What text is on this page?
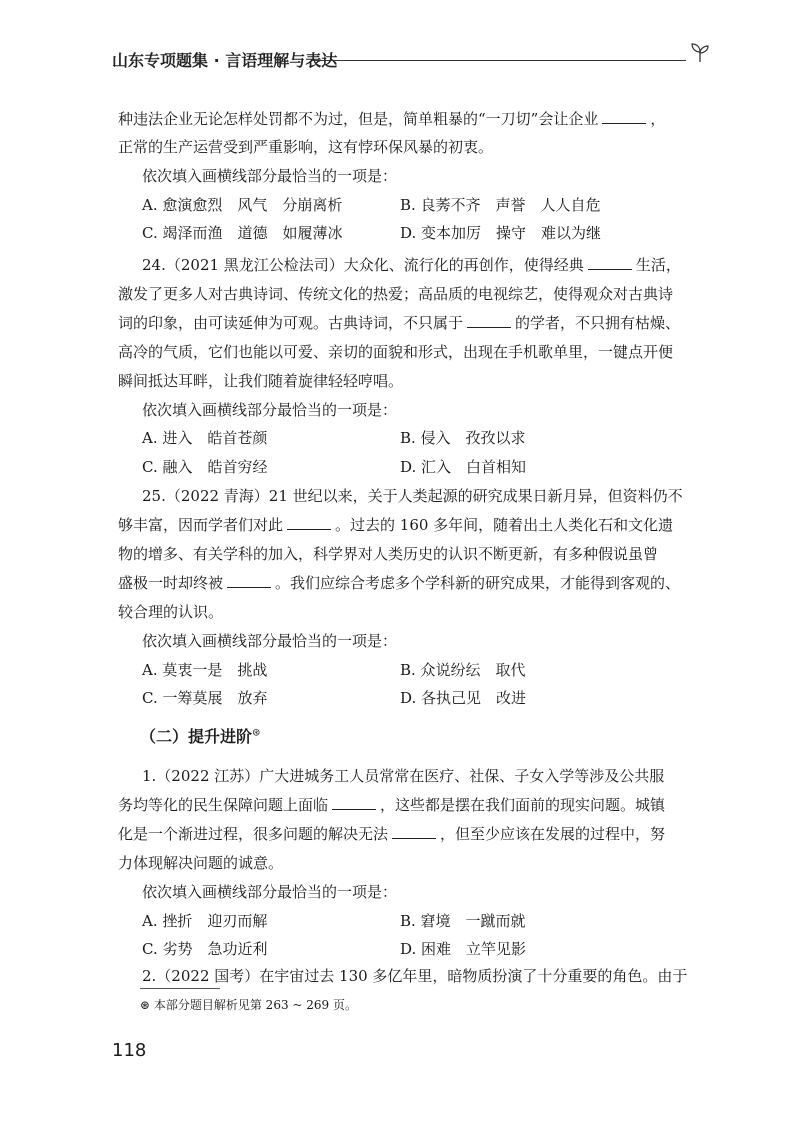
山东专项题集 · 言语理解与表达
种违法企业无论怎样处罚都不为过，但是，简单粗暴的“一刀切”会让企业	，
正常的生产运营受到严重影响，这有悖环保风暴的初衷。
依次填入画横线部分最恰当的一项是：
A. 愈演愈烈　风气　分崩离析	B. 良莠不齐　声誉　人人自危
C. 竭泽而渔　道德　如履薄冰	D. 变本加厉　操守　难以为继
24.（2021 黑龙江公检法司）大众化、流行化的再创作，使得经典	生活，
激发了更多人对古典诗词、传统文化的热爱；高品质的电视综艺，使得观众对古典诗
词的印象，由可读延伸为可观。古典诗词，不只属于	的学者，不只拥有枯燥、
高冷的气质，它们也能以可爱、亲切的面貌和形式，出现在手机歌单里，一键点开便
瞬间抵达耳畔，让我们随着旋律轻轻哼唱。
依次填入画横线部分最恰当的一项是：
A. 进入　皓首苍颜	B. 侵入　孜孜以求
C. 融入　皓首穷经	D. 汇入　白首相知
25.（2022 青海）21 世纪以来，关于人类起源的研究成果日新月异，但资料仍不
够丰富，因而学者们对此	。过去的 160 多年间，随着出土人类化石和文化遗
物的增多、有关学科的加入，科学界对人类历史的认识不断更新，有多种假说虽曾
盛极一时却终被	。我们应综合考虑多个学科新的研究成果，才能得到客观的、
较合理的认识。
依次填入画横线部分最恰当的一项是：
A. 莫衷一是　挑战	B. 众说纷纭　取代
C. 一筹莫展　放弃	D. 各执己见　改进
1.（2022 江苏）广大进城务工人员常常在医疗、社保、子女入学等涉及公共服
务均等化的民生保障问题上面临	，这些都是摆在我们面前的现实问题。城镇
化是一个渐进过程，很多问题的解决无法	，但至少应该在发展的过程中，努
力体现解决问题的诚意。
依次填入画横线部分最恰当的一项是：
A. 挫折　迎刃而解	B. 窘境　一蹴而就
C. 劣势　急功近利	D. 困难　立竿见影
2.（2022 国考）在宇宙过去 130 多亿年里，暗物质扮演了十分重要的角色。由于
（二）提升进阶⊛
⊛ 本部分题目解析见第 263 ~ 269 页。
118
